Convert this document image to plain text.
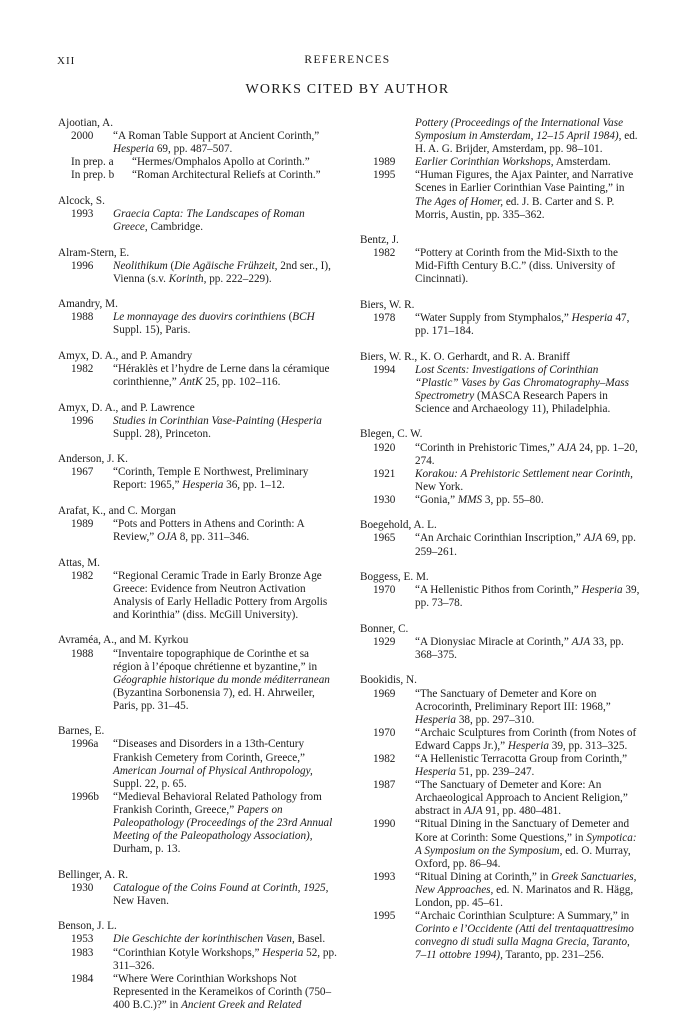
XII	REFERENCES
WORKS CITED BY AUTHOR
Ajootian, A.
2000	“A Roman Table Support at Ancient Corinth,” Hesperia 69, pp. 487–507.
In prep. a	“Hermes/Omphalos Apollo at Corinth.”
In prep. b	“Roman Architectural Reliefs at Corinth.”
Alcock, S.
1993	Graecia Capta: The Landscapes of Roman Greece, Cambridge.
Alram-Stern, E.
1996	Neolithikum (Die Agäische Frühzeit, 2nd ser., I), Vienna (s.v. Korinth, pp. 222–229).
Amandry, M.
1988	Le monnayage des duovirs corinthiens (BCH Suppl. 15), Paris.
Amyx, D. A., and P. Amandry
1982	“Héraklès et l’hydre de Lerne dans la céramique corinthienne,” AntK 25, pp. 102–116.
Amyx, D. A., and P. Lawrence
1996	Studies in Corinthian Vase-Painting (Hesperia Suppl. 28), Princeton.
Anderson, J. K.
1967	“Corinth, Temple E Northwest, Preliminary Report: 1965,” Hesperia 36, pp. 1–12.
Arafat, K., and C. Morgan
1989	“Pots and Potters in Athens and Corinth: A Review,” OJA 8, pp. 311–346.
Attas, M.
1982	“Regional Ceramic Trade in Early Bronze Age Greece: Evidence from Neutron Activation Analysis of Early Helladic Pottery from Argolis and Korinthia” (diss. McGill University).
Avraméa, A., and M. Kyrkou
1988	“Inventaire topographique de Corinthe et sa région à l’époque chrétienne et byzantine,” in Géographie historique du monde méditerranean (Byzantina Sorbonensia 7), ed. H. Ahrweiler, Paris, pp. 31–45.
Barnes, E.
1996a	“Diseases and Disorders in a 13th-Century Frankish Cemetery from Corinth, Greece,” American Journal of Physical Anthropology, Suppl. 22, p. 65.
1996b	“Medieval Behavioral Related Pathology from Frankish Corinth, Greece,” Papers on Paleopathology (Proceedings of the 23rd Annual Meeting of the Paleopathology Association), Durham, p. 13.
Bellinger, A. R.
1930	Catalogue of the Coins Found at Corinth, 1925, New Haven.
Benson, J. L.
1953	Die Geschichte der korinthischen Vasen, Basel.
1983	“Corinthian Kotyle Workshops,” Hesperia 52, pp. 311–326.
1984	“Where Were Corinthian Workshops Not Represented in the Kerameikos of Corinth (750–400 B.C.)?” in Ancient Greek and Related
Pottery (Proceedings of the International Vase Symposium in Amsterdam, 12–15 April 1984), ed. H. A. G. Brijder, Amsterdam, pp. 98–101.
1989	Earlier Corinthian Workshops, Amsterdam.
1995	“Human Figures, the Ajax Painter, and Narrative Scenes in Earlier Corinthian Vase Painting,” in The Ages of Homer, ed. J. B. Carter and S. P. Morris, Austin, pp. 335–362.
Bentz, J.
1982	“Pottery at Corinth from the Mid-Sixth to the Mid-Fifth Century B.C.” (diss. University of Cincinnati).
Biers, W. R.
1978	“Water Supply from Stymphalos,” Hesperia 47, pp. 171–184.
Biers, W. R., K. O. Gerhardt, and R. A. Braniff
1994	Lost Scents: Investigations of Corinthian “Plastic” Vases by Gas Chromatography–Mass Spectrometry (MASCA Research Papers in Science and Archaeology 11), Philadelphia.
Blegen, C. W.
1920	“Corinth in Prehistoric Times,” AJA 24, pp. 1–20, 274.
1921	Korakou: A Prehistoric Settlement near Corinth, New York.
1930	“Gonia,” MMS 3, pp. 55–80.
Boegehold, A. L.
1965	“An Archaic Corinthian Inscription,” AJA 69, pp. 259–261.
Boggess, E. M.
1970	“A Hellenistic Pithos from Corinth,” Hesperia 39, pp. 73–78.
Bonner, C.
1929	“A Dionysiac Miracle at Corinth,” AJA 33, pp. 368–375.
Bookidis, N.
1969	“The Sanctuary of Demeter and Kore on Acrocorinth, Preliminary Report III: 1968,” Hesperia 38, pp. 297–310.
1970	“Archaic Sculptures from Corinth (from Notes of Edward Capps Jr.),” Hesperia 39, pp. 313–325.
1982	“A Hellenistic Terracotta Group from Corinth,” Hesperia 51, pp. 239–247.
1987	“The Sanctuary of Demeter and Kore: An Archaeological Approach to Ancient Religion,” abstract in AJA 91, pp. 480–481.
1990	“Ritual Dining in the Sanctuary of Demeter and Kore at Corinth: Some Questions,” in Sympotica: A Symposium on the Symposium, ed. O. Murray, Oxford, pp. 86–94.
1993	“Ritual Dining at Corinth,” in Greek Sanctuaries, New Approaches, ed. N. Marinatos and R. Hägg, London, pp. 45–61.
1995	“Archaic Corinthian Sculpture: A Summary,” in Corinto e l’Occidente (Atti del trentaquattresimo convegno di studi sulla Magna Grecia, Taranto, 7–11 ottobre 1994), Taranto, pp. 231–256.
